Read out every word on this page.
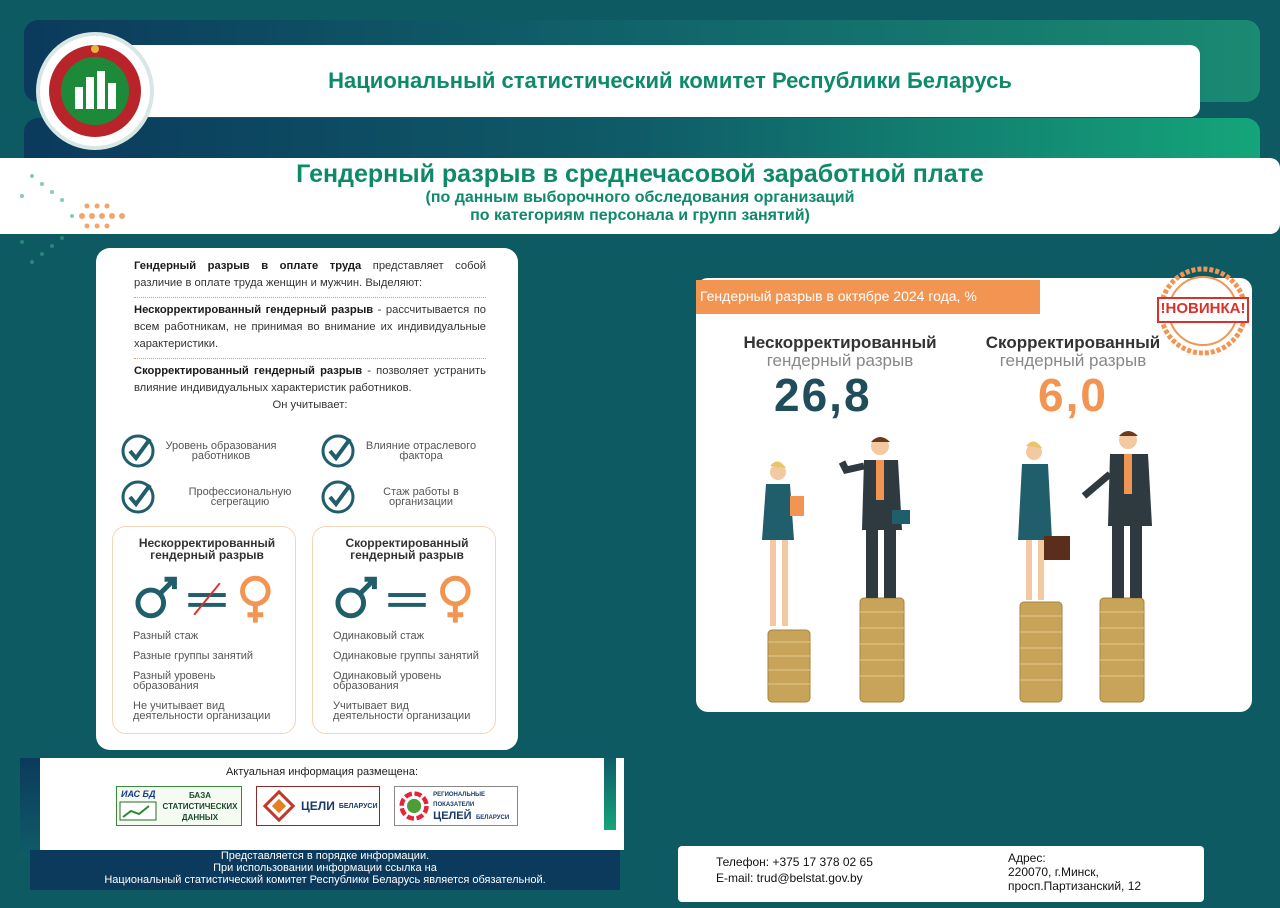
Национальный статистический комитет Республики Беларусь
Гендерный разрыв в среднечасовой заработной плате
(по данным выборочного обследования организаций
по категориям персонала и групп занятий)

Гендерный разрыв в оплате труда представляет собой различие в оплате труда женщин и мужчин. Выделяют:

Нескорректированный гендерный разрыв - рассчитывается по всем работникам, не принимая во внимание их индивидуальные характеристики.

Скорректированный гендерный разрыв - позволяет устранить влияние индивидуальных характеристик работников.

Он учитывает:

Уровень образования работников
Влияние отраслевого фактора
Профессиональную сегрегацию
Стаж работы в организации
Нескорректированный гендерный разрыв
Разный стаж
Разные группы занятий
Разный уровень образования
Не учитывает вид деятельности организации
Скорректированный гендерный разрыв
Одинаковый стаж
Одинаковые группы занятий
Одинаковый уровень образования
Учитывает вид деятельности организации
Актуальная информация размещена:
ИАС БД	БАЗА СТАТИСТИЧЕСКИХ ДАННЫХ
ЦЕЛИ БЕЛАРУСИ
РЕГИОНАЛЬНЫЕ ПОКАЗАТЕЛИ
ЦЕЛЕЙ БЕЛАРУСИ
Представляется в порядке информации.
При использовании информации ссылка на
Национальный статистический комитет Республики Беларусь является обязательной.
Гендерный разрыв в октябре 2024 года, %
!НОВИНКА!
Нескорректированный
гендерный разрыв
26,8
Скорректированный
гендерный разрыв
6,0
Телефон: +375 17 378 02 65
E-mail: trud@belstat.gov.by
Адрес:
220070, г.Минск,
просп.Партизанский, 12
